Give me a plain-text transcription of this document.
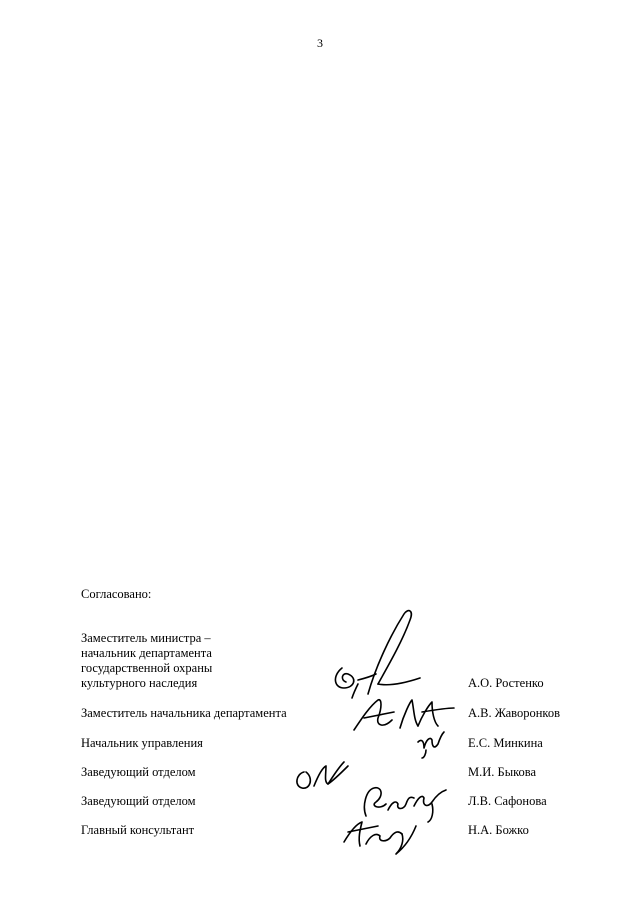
3
Согласовано:
Заместитель министра –
начальник департамента
государственной охраны
культурного наследия	А.О. Ростенко
Заместитель начальника департамента	А.В. Жаворонков
Начальник управления	Е.С. Минкина
Заведующий отделом	М.И. Быкова
Заведующий отделом	Л.В. Сафонова
Главный консультант	Н.А. Божко
